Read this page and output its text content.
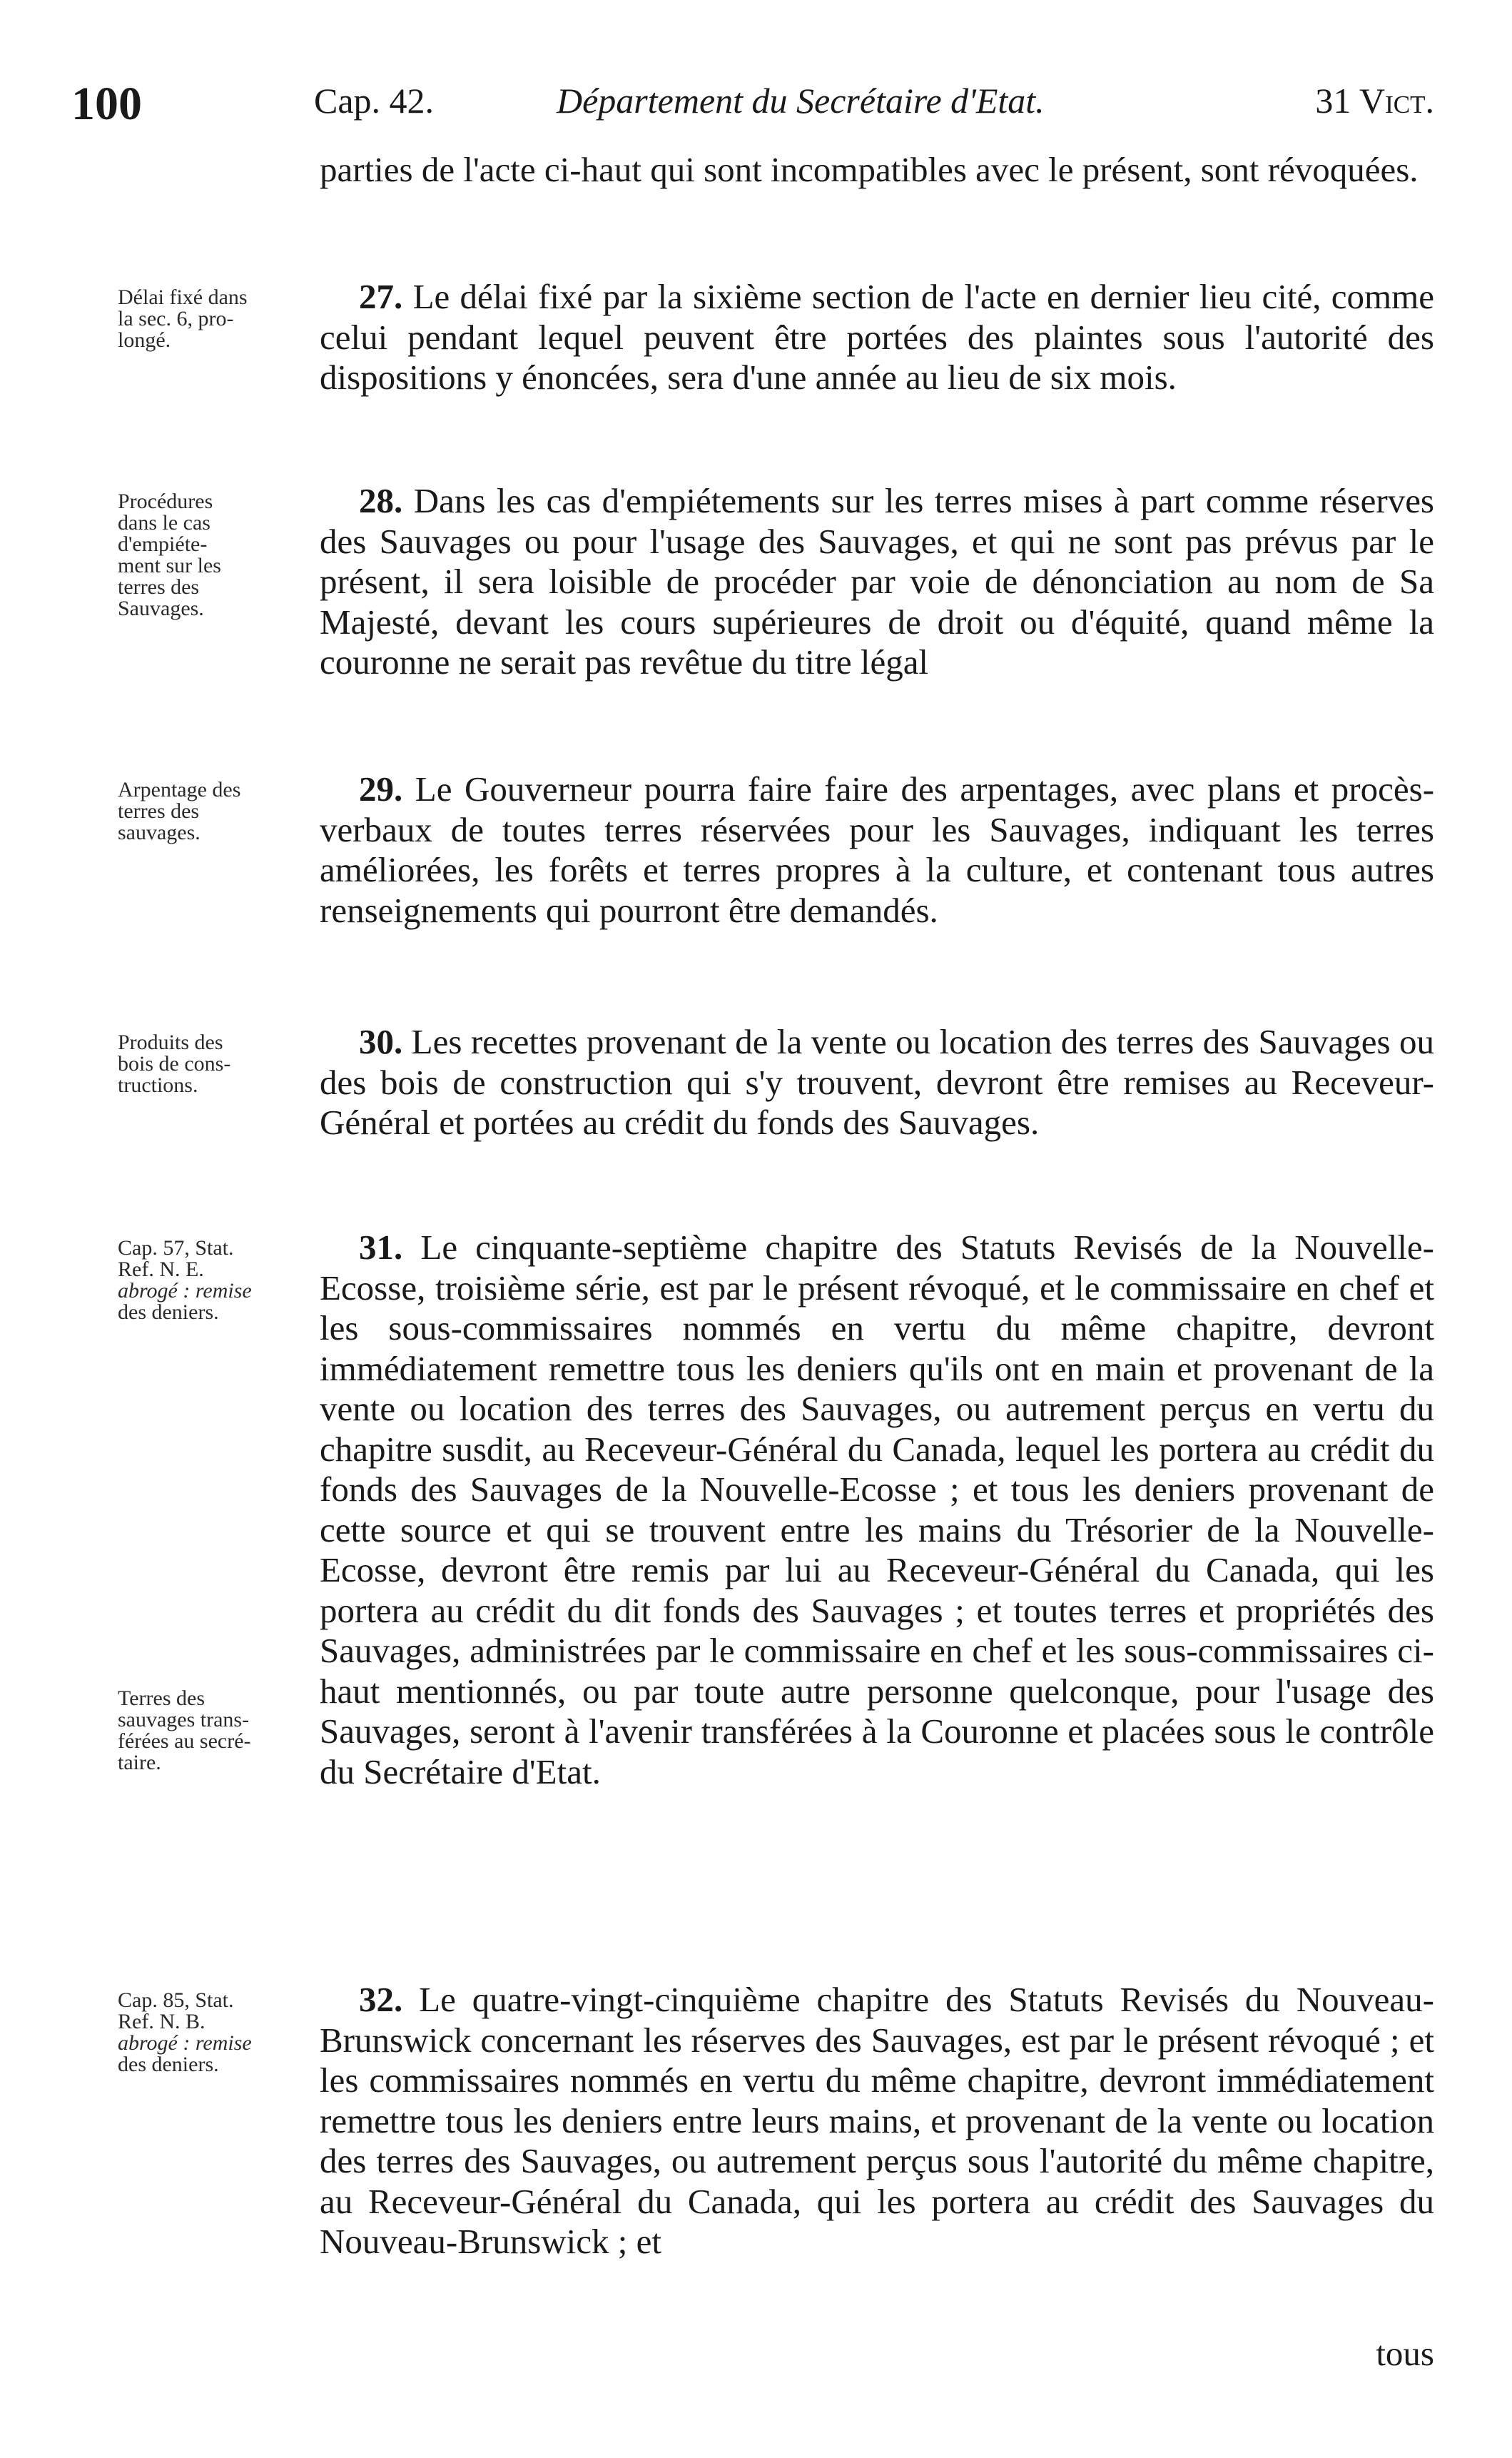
100	Cap. 42.	Département du Secrétaire d'Etat.	31 Vict.
parties de l'acte ci-haut qui sont incompatibles avec le présent, sont révoquées.
Délai fixé dans
la sec. 6, pro-
longé.
27. Le délai fixé par la sixième section de l'acte en dernier lieu cité, comme celui pendant lequel peuvent être portées des plaintes sous l'autorité des dispositions y énoncées, sera d'une année au lieu de six mois.
Procédures
dans le cas
d'empiéte-
ment sur les
terres des
Sauvages.
28. Dans les cas d'empiétements sur les terres mises à part comme réserves des Sauvages ou pour l'usage des Sauvages, et qui ne sont pas prévus par le présent, il sera loisible de procéder par voie de dénonciation au nom de Sa Majesté, devant les cours supérieures de droit ou d'équité, quand même la couronne ne serait pas revêtue du titre légal
Arpentage des
terres des
sauvages.
29. Le Gouverneur pourra faire faire des arpentages, avec plans et procès-verbaux de toutes terres réservées pour les Sauvages, indiquant les terres améliorées, les forêts et terres propres à la culture, et contenant tous autres renseignements qui pourront être demandés.
Produits des
bois de cons-
tructions.
30. Les recettes provenant de la vente ou location des terres des Sauvages ou des bois de construction qui s'y trouvent, devront être remises au Receveur-Général et portées au crédit du fonds des Sauvages.
Cap. 57, Stat.
Ref. N. E.
abrogé : remise
des deniers.
Terres des
sauvages trans-
férées au secré-
taire.
31. Le cinquante-septième chapitre des Statuts Revisés de la Nouvelle-Ecosse, troisième série, est par le présent révoqué, et le commissaire en chef et les sous-commissaires nommés en vertu du même chapitre, devront immédiatement remettre tous les deniers qu'ils ont en main et provenant de la vente ou location des terres des Sauvages, ou autrement perçus en vertu du chapitre susdit, au Receveur-Général du Canada, lequel les portera au crédit du fonds des Sauvages de la Nouvelle-Ecosse ; et tous les deniers provenant de cette source et qui se trouvent entre les mains du Trésorier de la Nouvelle-Ecosse, devront être remis par lui au Receveur-Général du Canada, qui les portera au crédit du dit fonds des Sauvages ; et toutes terres et propriétés des Sauvages, administrées par le commissaire en chef et les sous-commissaires ci-haut mentionnés, ou par toute autre personne quelconque, pour l'usage des Sauvages, seront à l'avenir transférées à la Couronne et placées sous le contrôle du Secrétaire d'Etat.
Cap. 85, Stat.
Ref. N. B.
abrogé : remise
des deniers.
32. Le quatre-vingt-cinquième chapitre des Statuts Revisés du Nouveau-Brunswick concernant les réserves des Sauvages, est par le présent révoqué ; et les commissaires nommés en vertu du même chapitre, devront immédiatement remettre tous les deniers entre leurs mains, et provenant de la vente ou location des terres des Sauvages, ou autrement perçus sous l'autorité du même chapitre, au Receveur-Général du Canada, qui les portera au crédit des Sauvages du Nouveau-Brunswick ; et
tous
